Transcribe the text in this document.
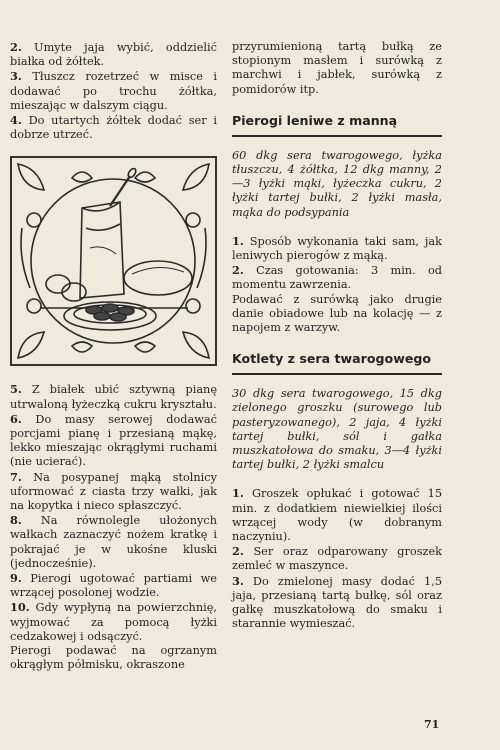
2. Umyte jaja wybić, oddzielić białka od żółtek.

3. Tłuszcz rozetrzeć w misce i dodawać po trochu żółtka, mieszając w dalszym ciągu.

4. Do utartych żółtek dodać ser i dobrze utrzeć.

5. Z białek ubić sztywną pianę utrwaloną łyżeczką cukru kryształu.

6. Do masy serowej dodawać porcjami pianę i przesianą mąkę, lekko mieszając okrągłymi ruchami (nie ucierać).

7. Na posypanej mąką stolnicy uformować z ciasta trzy wałki, jak na kopytka i nieco spłaszczyć.

8. Na równolegle ułożonych wałkach zaznaczyć nożem kratkę i pokrajać je w ukośne kluski (jednocześnie).

9. Pierogi ugotować partiami we wrzącej posolonej wodzie.

10. Gdy wypłyną na powierzchnię, wyjmować za pomocą łyżki cedzakowej i odsączyć.

Pierogi podawać na ogrzanym okrągłym półmisku, okraszone

przyrumienioną tartą bułką ze stopionym masłem i surówką z marchwi i jabłek, surówką z pomidorów itp.

Pierogi leniwe z manną

60 dkg sera twarogowego, łyżka tłuszczu, 4 żółtka, 12 dkg manny, 2—3 łyżki mąki, łyżeczka cukru, 2 łyżki tartej bułki, 2 łyżki masła, mąka do podsypania

1. Sposób wykonania taki sam, jak leniwych pierogów z mąką.

2. Czas gotowania: 3 min. od momentu zawrzenia.

Podawać z surówką jako drugie danie obiadowe lub na kolację — z napojem z warzyw.

Kotlety z sera twarogowego

30 dkg sera twarogowego, 15 dkg zielonego groszku (surowego lub pasteryzowanego), 2 jaja, 4 łyżki tartej bułki, sól i gałka muszkatołowa do smaku, 3—4 łyżki tartej bułki, 2 łyżki smalcu

1. Groszek opłukać i gotować 15 min. z dodatkiem niewielkiej ilości wrzącej wody (w dobranym naczyniu).

2. Ser oraz odparowany groszek zemleć w maszynce.

3. Do zmielonej masy dodać 1,5 jaja, przesianą tartą bułkę, sól oraz gałkę muszkatołową do smaku i starannie wymieszać.

71
